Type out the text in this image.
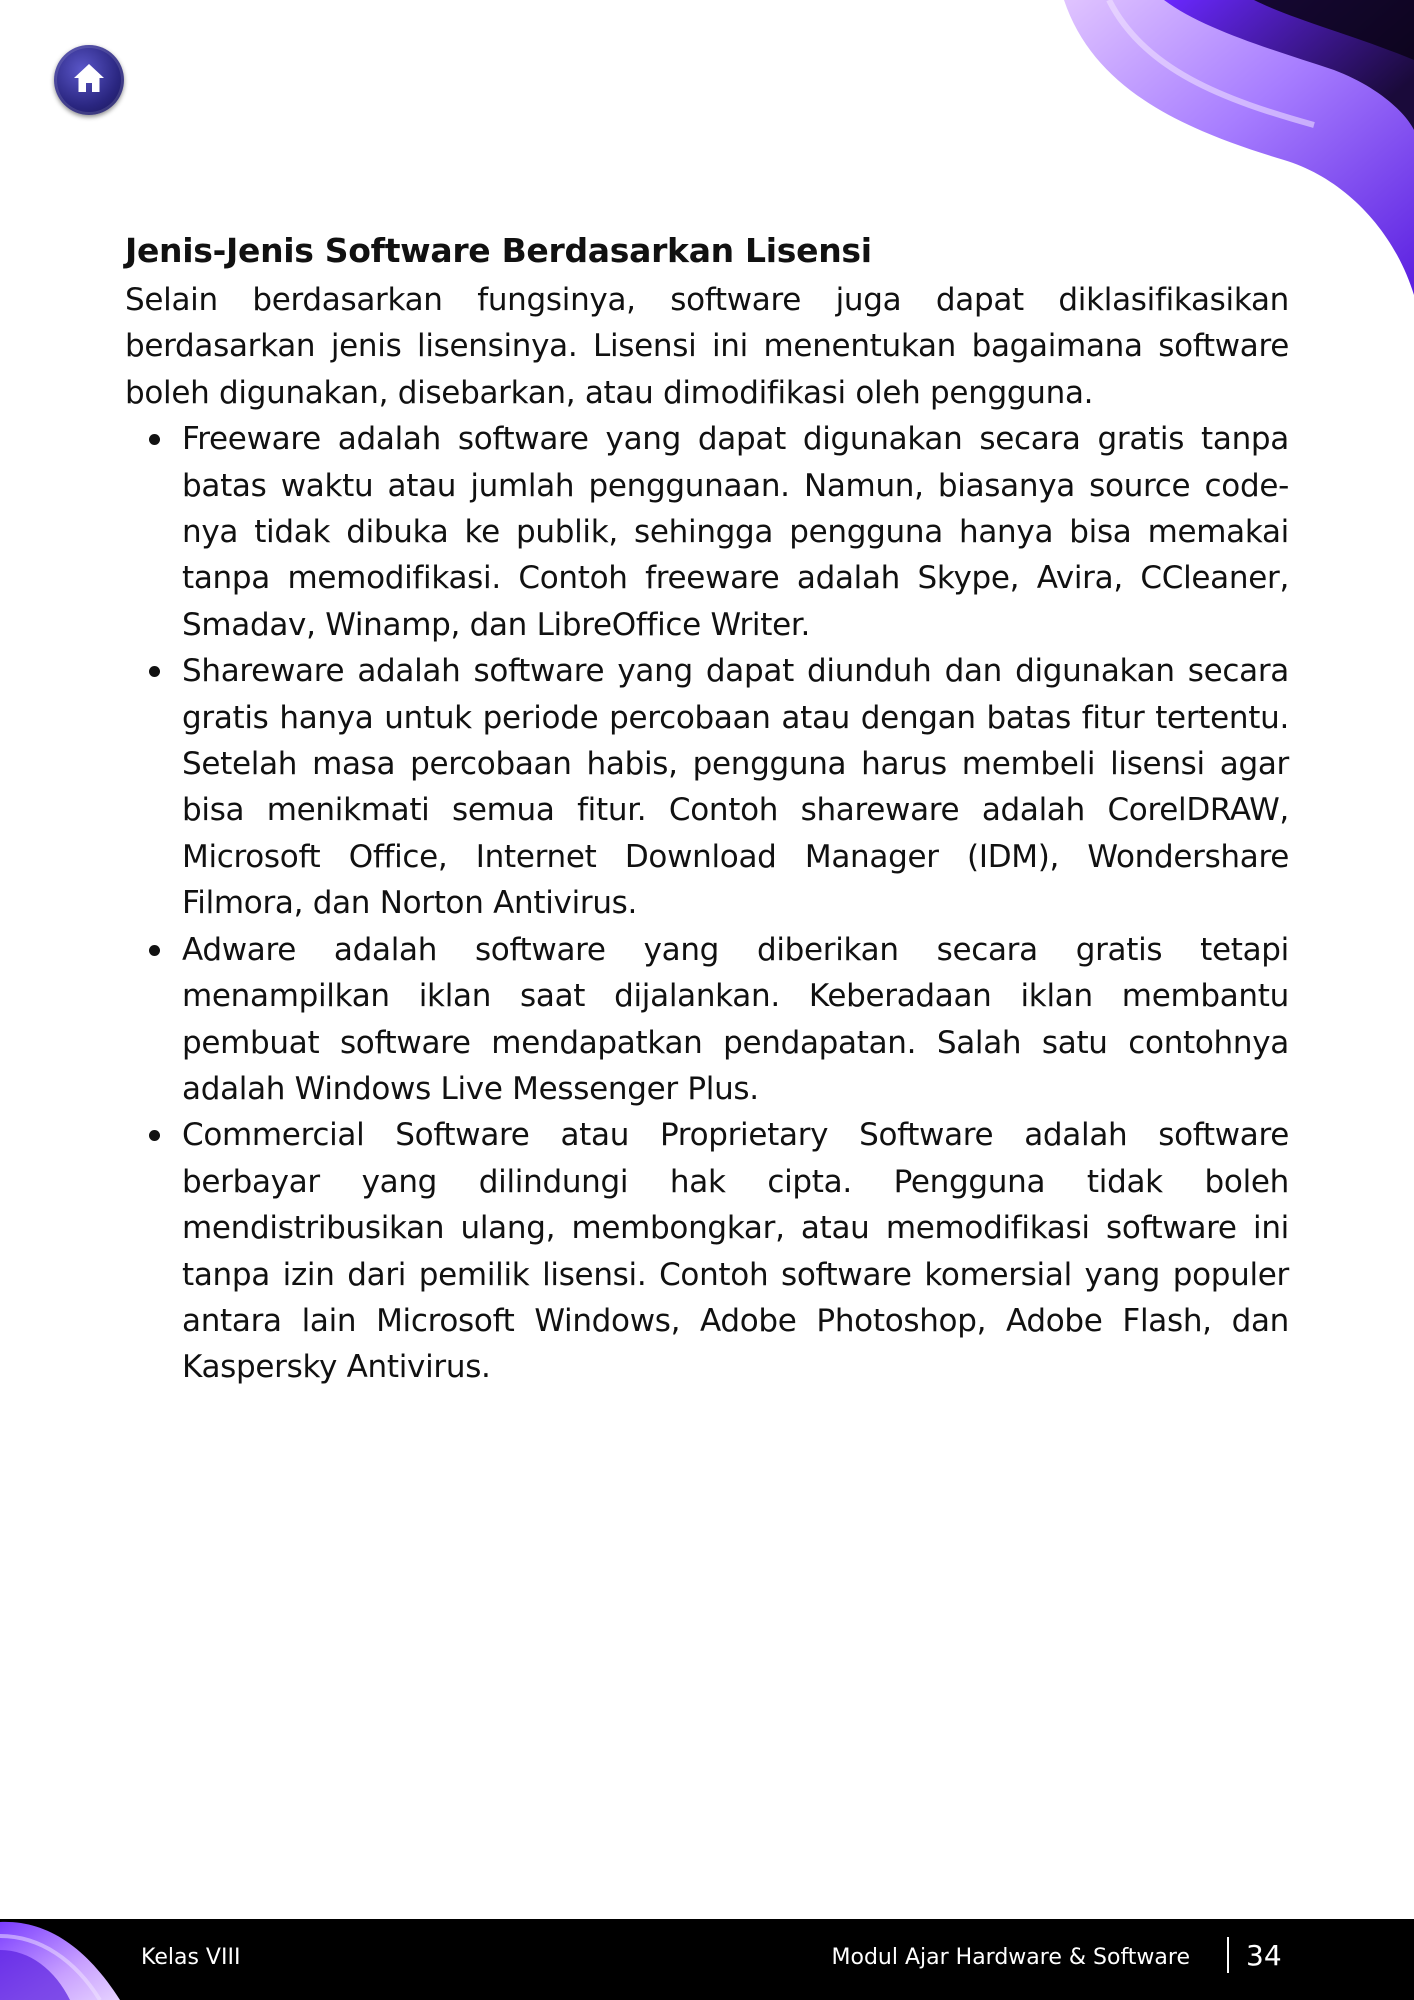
Jenis-Jenis Software Berdasarkan Lisensi

Selain berdasarkan fungsinya, software juga dapat diklasifikasikan berdasarkan jenis lisensinya. Lisensi ini menentukan bagaimana software boleh digunakan, disebarkan, atau dimodifikasi oleh pengguna.

Freeware adalah software yang dapat digunakan secara gratis tanpa batas waktu atau jumlah penggunaan. Namun, biasanya source code-nya tidak dibuka ke publik, sehingga pengguna hanya bisa memakai tanpa memodifikasi. Contoh freeware adalah Skype, Avira, CCleaner, Smadav, Winamp, dan LibreOffice Writer.
Shareware adalah software yang dapat diunduh dan digunakan secara gratis hanya untuk periode percobaan atau dengan batas fitur tertentu. Setelah masa percobaan habis, pengguna harus membeli lisensi agar bisa menikmati semua fitur. Contoh shareware adalah CorelDRAW, Microsoft Office, Internet Download Manager (IDM), Wondershare Filmora, dan Norton Antivirus.
Adware adalah software yang diberikan secara gratis tetapi menampilkan iklan saat dijalankan. Keberadaan iklan membantu pembuat software mendapatkan pendapatan. Salah satu contohnya adalah Windows Live Messenger Plus.
Commercial Software atau Proprietary Software adalah software berbayar yang dilindungi hak cipta. Pengguna tidak boleh mendistribusikan ulang, membongkar, atau memodifikasi software ini tanpa izin dari pemilik lisensi. Contoh software komersial yang populer antara lain Microsoft Windows, Adobe Photoshop, Adobe Flash, dan Kaspersky Antivirus.
Kelas VIII	Modul Ajar Hardware & Software 34
